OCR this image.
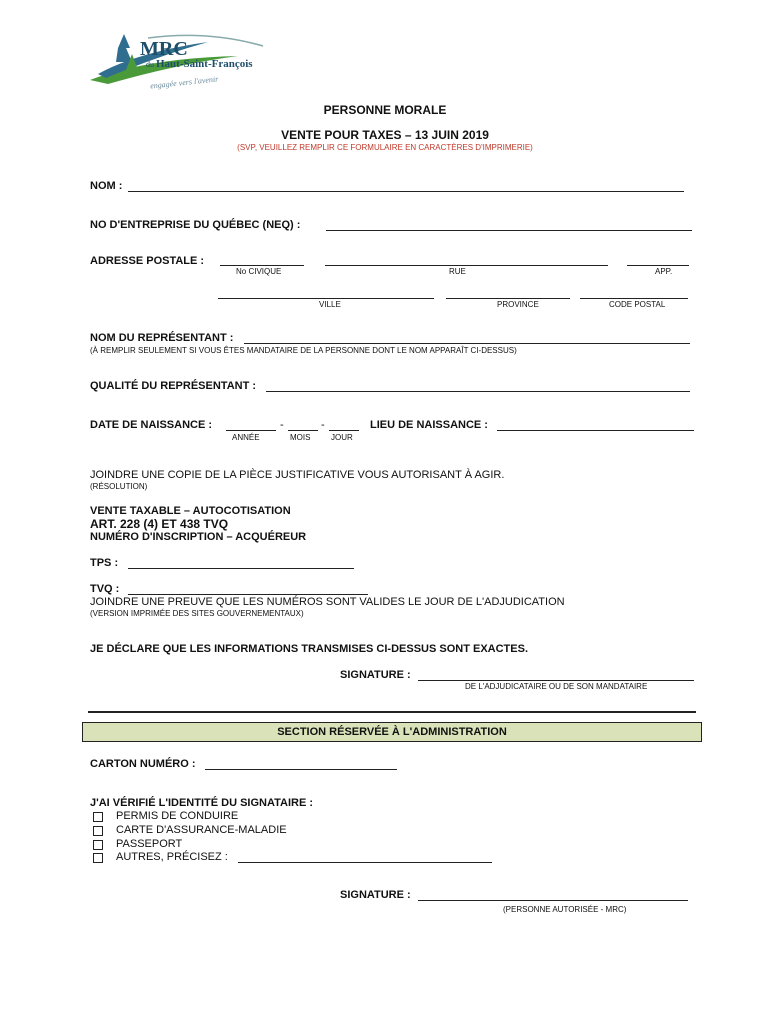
MRC
du Haut-Saint-François
engagée vers l'avenir
PERSONNE MORALE
VENTE POUR TAXES – 13 JUIN 2019
(SVP, VEUILLEZ REMPLIR CE FORMULAIRE EN CARACTÈRES D'IMPRIMERIE)
NOM :
NO D'ENTREPRISE DU QUÉBEC (NEQ) :
ADRESSE POSTALE :
No CIVIQUE	RUE	APP.
VILLE	PROVINCE	CODE POSTAL
NOM DU REPRÉSENTANT :
(À REMPLIR SEULEMENT SI VOUS ÊTES MANDATAIRE DE LA PERSONNE DONT LE NOM APPARAÎT CI-DESSUS)
QUALITÉ DU REPRÉSENTANT :
DATE DE NAISSANCE :	-	-
ANNÉE	MOIS	JOUR
LIEU DE NAISSANCE :
JOINDRE UNE COPIE DE LA PIÈCE JUSTIFICATIVE VOUS AUTORISANT À AGIR.
(RÉSOLUTION)
VENTE TAXABLE – AUTOCOTISATION
ART. 228 (4) ET 438 TVQ
NUMÉRO D'INSCRIPTION – ACQUÉREUR
TPS :
TVQ :
JOINDRE UNE PREUVE QUE LES NUMÉROS SONT VALIDES LE JOUR DE L'ADJUDICATION
(VERSION IMPRIMÉE DES SITES GOUVERNEMENTAUX)
JE DÉCLARE QUE LES INFORMATIONS TRANSMISES CI-DESSUS SONT EXACTES.
SIGNATURE :
DE L'ADJUDICATAIRE OU DE SON MANDATAIRE
SECTION RÉSERVÉE À L'ADMINISTRATION
CARTON NUMÉRO :
J'AI VÉRIFIÉ L'IDENTITÉ DU SIGNATAIRE :
PERMIS DE CONDUIRE
CARTE D'ASSURANCE-MALADIE
PASSEPORT
AUTRES, PRÉCISEZ :
SIGNATURE :
(PERSONNE AUTORISÉE - MRC)
